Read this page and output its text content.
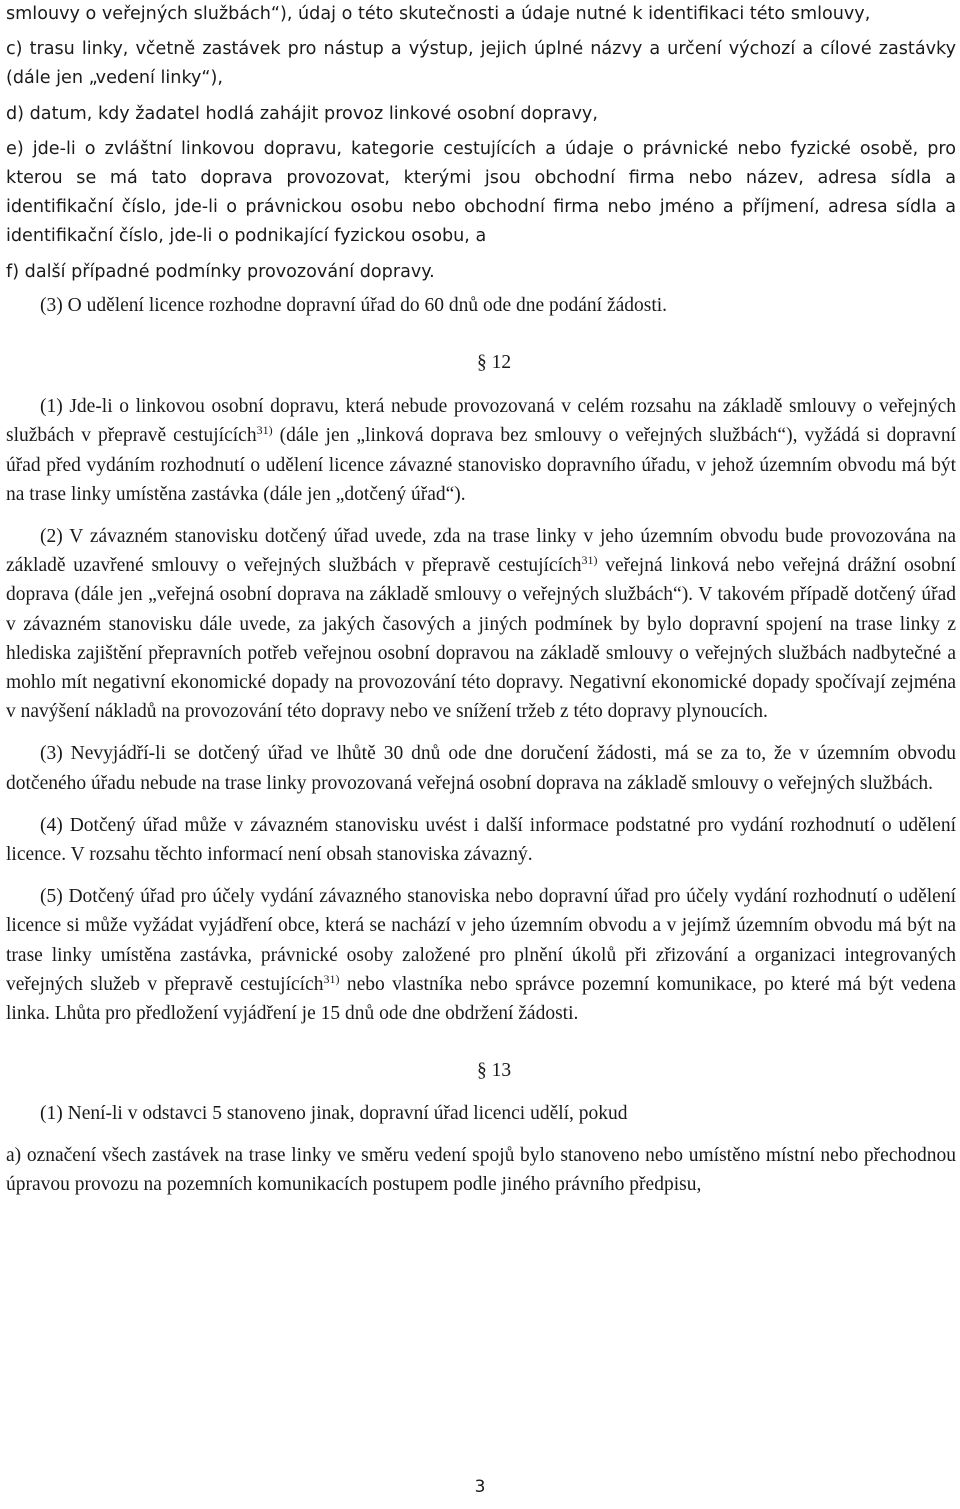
smlouvy o veřejných službách“), údaj o této skutečnosti a údaje nutné k identifikaci této smlouvy,

c) trasu linky, včetně zastávek pro nástup a výstup, jejich úplné názvy a určení výchozí a cílové zastávky (dále jen „vedení linky“),

d) datum, kdy žadatel hodlá zahájit provoz linkové osobní dopravy,

e) jde-li o zvláštní linkovou dopravu, kategorie cestujících a údaje o právnické nebo fyzické osobě, pro kterou se má tato doprava provozovat, kterými jsou obchodní firma nebo název, adresa sídla a identifikační číslo, jde-li o právnickou osobu nebo obchodní firma nebo jméno a příjmení, adresa sídla a identifikační číslo, jde-li o podnikající fyzickou osobu, a

f) další případné podmínky provozování dopravy.

(3) O udělení licence rozhodne dopravní úřad do 60 dnů ode dne podání žádosti.

§ 12

(1) Jde-li o linkovou osobní dopravu, která nebude provozovaná v celém rozsahu na základě smlouvy o veřejných službách v přepravě cestujících$^{31)}$ (dále jen „linková doprava bez smlouvy o veřejných službách“), vyžádá si dopravní úřad před vydáním rozhodnutí o udělení licence závazné stanovisko dopravního úřadu, v jehož územním obvodu má být na trase linky umístěna zastávka (dále jen „dotčený úřad“).

(2) V závazném stanovisku dotčený úřad uvede, zda na trase linky v jeho územním obvodu bude provozována na základě uzavřené smlouvy o veřejných službách v přepravě cestujících$^{31)}$ veřejná linková nebo veřejná drážní osobní doprava (dále jen „veřejná osobní doprava na základě smlouvy o veřejných službách“). V takovém případě dotčený úřad v závazném stanovisku dále uvede, za jakých časových a jiných podmínek by bylo dopravní spojení na trase linky z hlediska zajištění přepravních potřeb veřejnou osobní dopravou na základě smlouvy o veřejných službách nadbytečné a mohlo mít negativní ekonomické dopady na provozování této dopravy. Negativní ekonomické dopady spočívají zejména v navýšení nákladů na provozování této dopravy nebo ve snížení tržeb z této dopravy plynoucích.

(3) Nevyjádří-li se dotčený úřad ve lhůtě 30 dnů ode dne doručení žádosti, má se za to, že v územním obvodu dotčeného úřadu nebude na trase linky provozovaná veřejná osobní doprava na základě smlouvy o veřejných službách.

(4) Dotčený úřad může v závazném stanovisku uvést i další informace podstatné pro vydání rozhodnutí o udělení licence. V rozsahu těchto informací není obsah stanoviska závazný.

(5) Dotčený úřad pro účely vydání závazného stanoviska nebo dopravní úřad pro účely vydání rozhodnutí o udělení licence si může vyžádat vyjádření obce, která se nachází v jeho územním obvodu a v jejímž územním obvodu má být na trase linky umístěna zastávka, právnické osoby založené pro plnění úkolů při zřizování a organizaci integrovaných veřejných služeb v přepravě cestujících$^{31)}$ nebo vlastníka nebo správce pozemní komunikace, po které má být vedena linka. Lhůta pro předložení vyjádření je 15 dnů ode dne obdržení žádosti.

§ 13

(1) Není-li v odstavci 5 stanoveno jinak, dopravní úřad licenci udělí, pokud

a) označení všech zastávek na trase linky ve směru vedení spojů bylo stanoveno nebo umístěno místní nebo přechodnou úpravou provozu na pozemních komunikacích postupem podle jiného právního předpisu,

3
